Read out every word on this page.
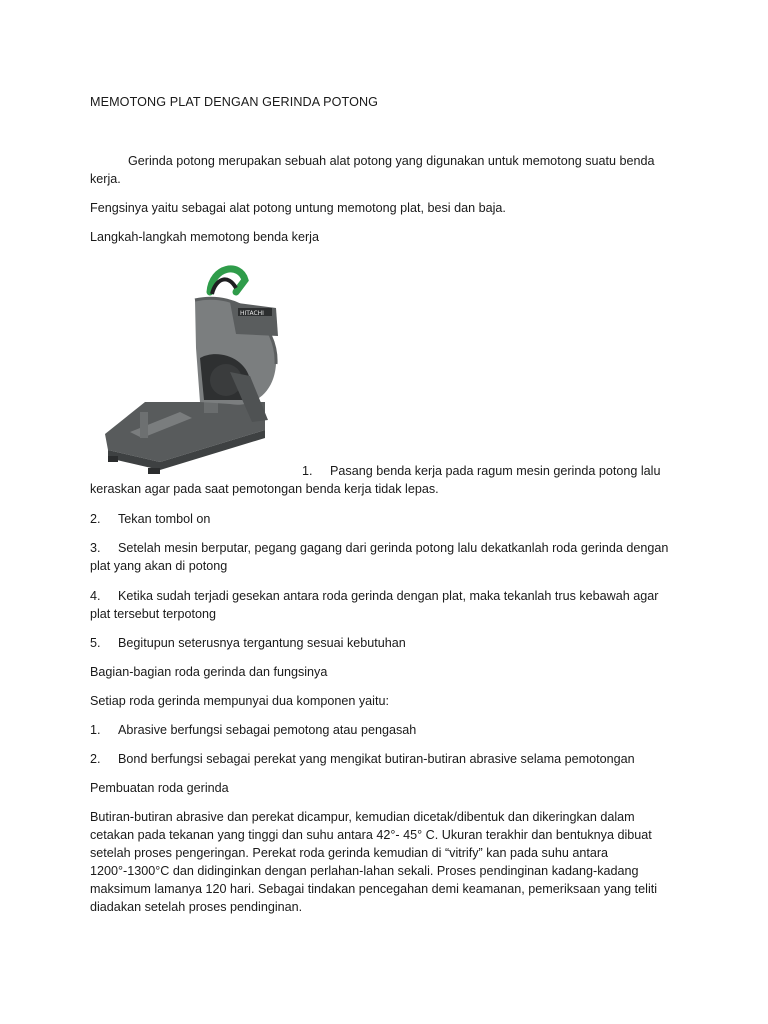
MEMOTONG PLAT DENGAN GERINDA POTONG

Gerinda potong merupakan sebuah alat potong yang digunakan untuk memotong suatu benda kerja.

Fengsinya yaitu sebagai alat potong untung memotong plat, besi dan baja.

Langkah-langkah memotong benda kerja

HITACHI

1. Pasang benda kerja pada ragum mesin gerinda potong lalu keraskan agar pada saat pemotongan benda kerja tidak lepas.

2. Tekan tombol on

3. Setelah mesin berputar, pegang gagang dari gerinda potong lalu dekatkanlah roda gerinda dengan plat yang akan di potong

4. Ketika sudah terjadi gesekan antara roda gerinda dengan plat, maka tekanlah trus kebawah agar plat tersebut terpotong

5. Begitupun seterusnya tergantung sesuai kebutuhan

Bagian-bagian roda gerinda dan fungsinya

Setiap roda gerinda mempunyai dua komponen yaitu:

1. Abrasive berfungsi sebagai pemotong atau pengasah

2. Bond berfungsi sebagai perekat yang mengikat butiran-butiran abrasive selama pemotongan

Pembuatan roda gerinda

Butiran-butiran abrasive dan perekat dicampur, kemudian dicetak/dibentuk dan dikeringkan dalam cetakan pada tekanan yang tinggi dan suhu antara 42°- 45° C. Ukuran terakhir dan bentuknya dibuat setelah proses pengeringan. Perekat roda gerinda kemudian di “vitrify” kan pada suhu antara 1200°-1300°C dan didinginkan dengan perlahan-lahan sekali. Proses pendinginan kadang-kadang maksimum lamanya 120 hari. Sebagai tindakan pencegahan demi keamanan, pemeriksaan yang teliti diadakan setelah proses pendinginan.
